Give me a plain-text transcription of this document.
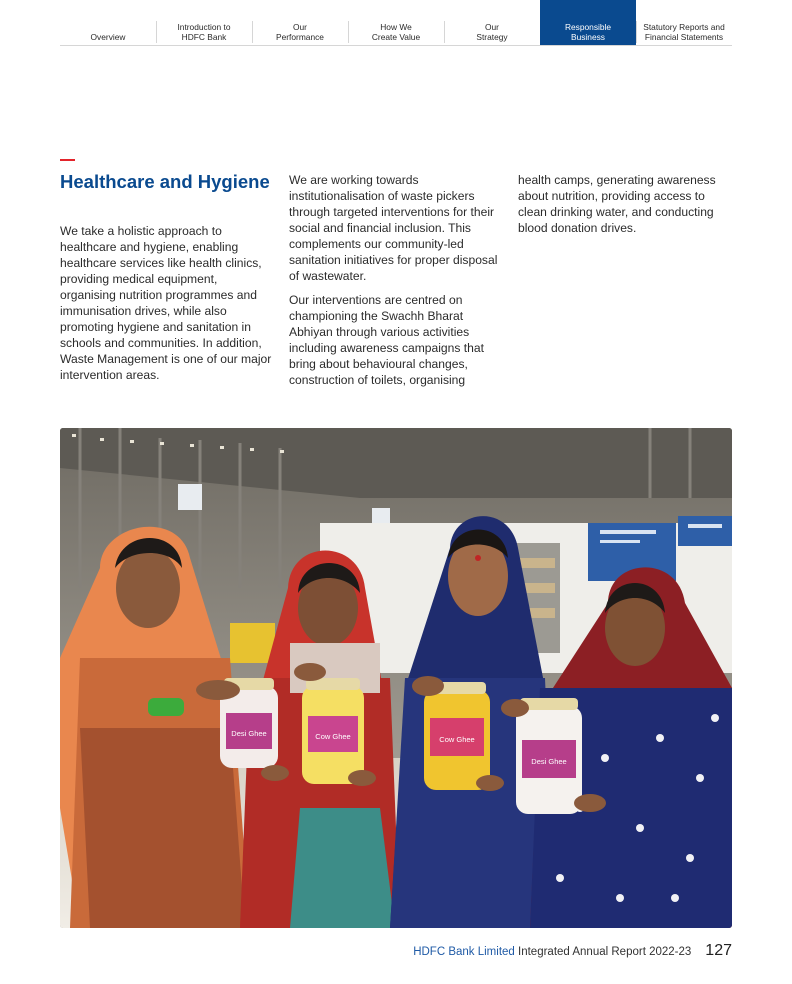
Overview
Introduction to
HDFC Bank
Our
Performance
How We
Create Value
Our
Strategy
Responsible
Business
Statutory Reports and
Financial Statements
Healthcare and Hygiene

We take a holistic approach to healthcare and hygiene, enabling healthcare services like health clinics, providing medical equipment, organising nutrition programmes and immunisation drives, while also promoting hygiene and sanitation in schools and communities. In addition, Waste Management is one of our major intervention areas.

We are working towards institutionalisation of waste pickers through targeted interventions for their social and financial inclusion. This complements our community-led sanitation initiatives for proper disposal of wastewater.

Our interventions are centred on championing the Swachh Bharat Abhiyan through various activities including awareness campaigns that bring about behavioural changes, construction of toilets, organising

health camps, generating awareness about nutrition, providing access to clean drinking water, and conducting blood donation drives.

Desi Ghee	Cow Ghee	Cow Ghee
Desi Ghee
HDFC Bank Limited
Integrated Annual Report 2022-23 127
